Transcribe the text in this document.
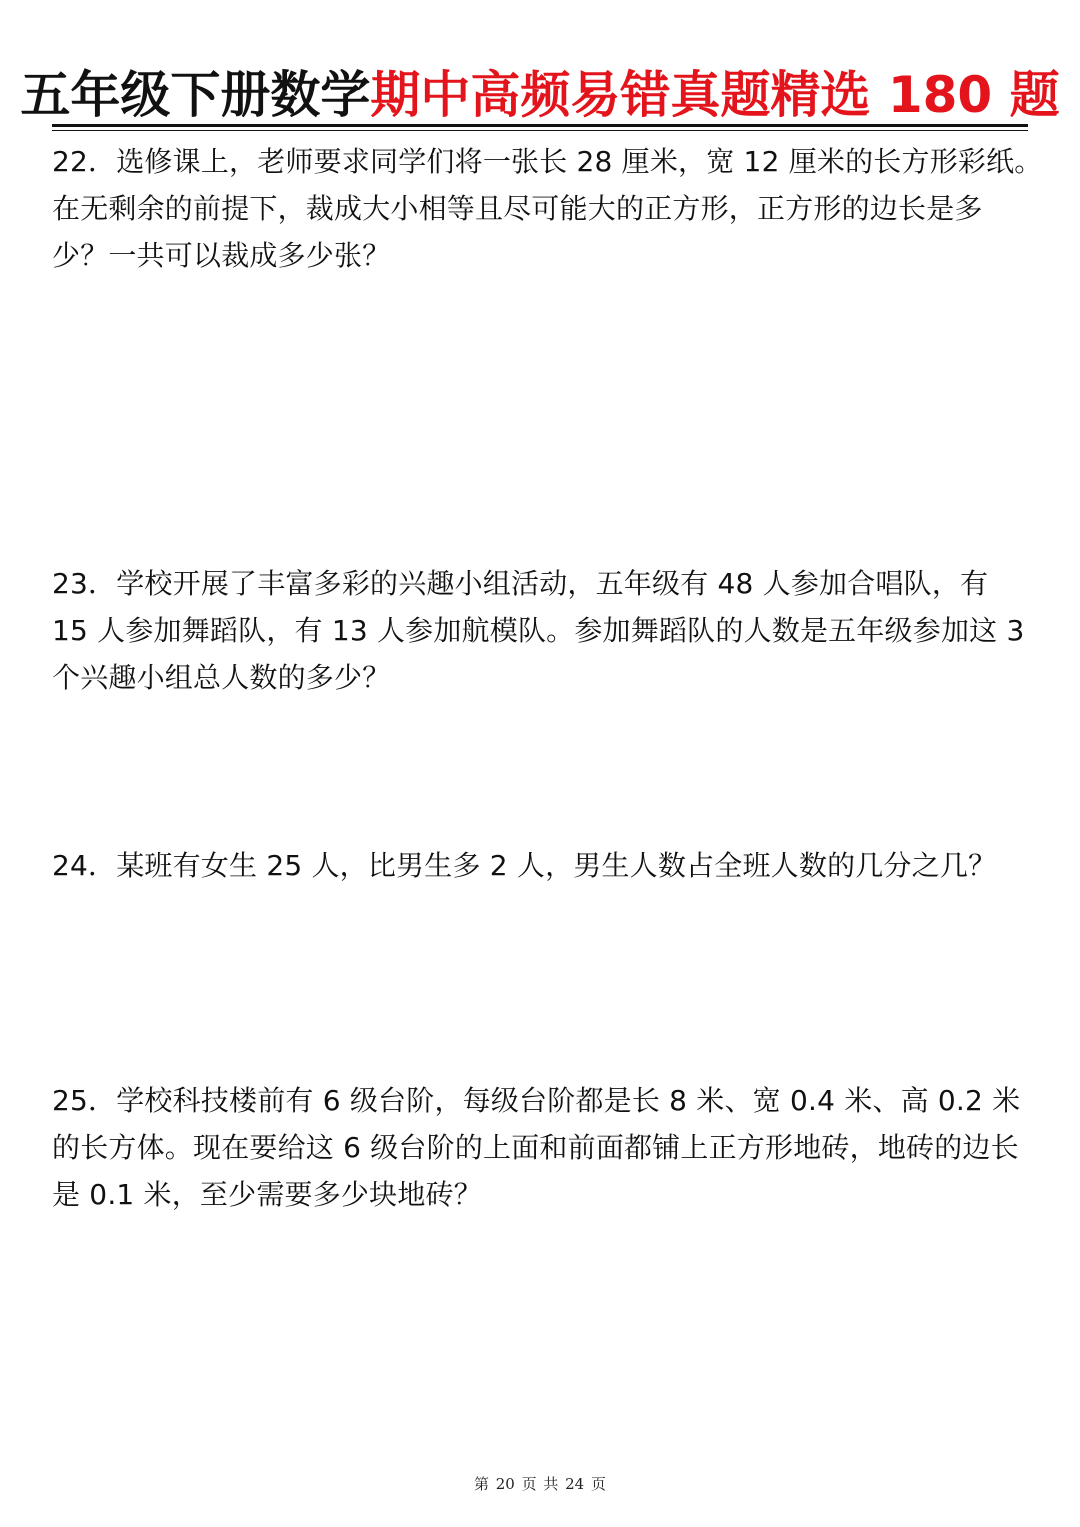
五年级下册数学期中高频易错真题精选 180 题
22．选修课上，老师要求同学们将一张长 28 厘米，宽 12 厘米的长方形彩纸。
在无剩余的前提下，裁成大小相等且尽可能大的正方形，正方形的边长是多
少？一共可以裁成多少张？
23．学校开展了丰富多彩的兴趣小组活动，五年级有 48 人参加合唱队，有
15 人参加舞蹈队，有 13 人参加航模队。参加舞蹈队的人数是五年级参加这 3
个兴趣小组总人数的多少？
24．某班有女生 25 人，比男生多 2 人，男生人数占全班人数的几分之几？
25．学校科技楼前有 6 级台阶，每级台阶都是长 8 米、宽 0.4 米、高 0.2 米
的长方体。现在要给这 6 级台阶的上面和前面都铺上正方形地砖，地砖的边长
是 0.1 米，至少需要多少块地砖？
第 20 页 共 24 页
